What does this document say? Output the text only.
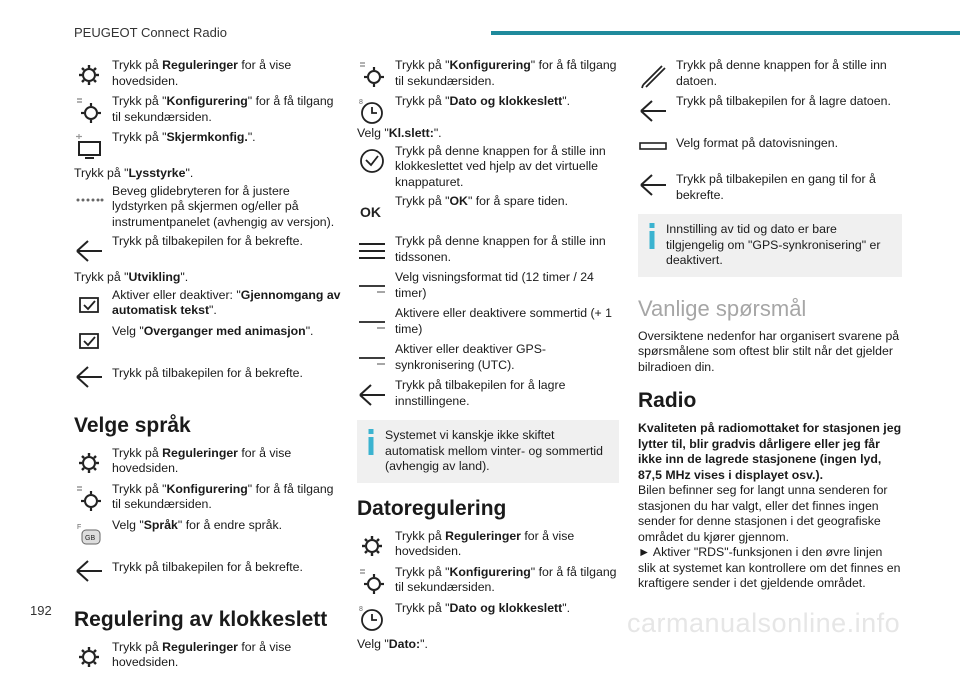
PEUGEOT Connect Radio
Trykk på Reguleringer for å vise hovedsiden.
Trykk på "Konfigurering" for å få tilgang til sekundærsiden.
Trykk på "Skjermkonfig.".
Trykk på "Lysstyrke".
Beveg glidebryteren for å justere lydstyrken på skjermen og/eller på instrumentpanelet (avhengig av versjon).
Trykk på tilbakepilen for å bekrefte.
Trykk på "Utvikling".
Aktiver eller deaktiver: "Gjennomgang av automatisk tekst".
Velg "Overganger med animasjon".
Trykk på tilbakepilen for å bekrefte.
Velge språk
Trykk på Reguleringer for å vise hovedsiden.
Trykk på "Konfigurering" for å få tilgang til sekundærsiden.
GB
F Velg "Språk" for å endre språk.
Trykk på tilbakepilen for å bekrefte.
Regulering av klokkeslett
Trykk på Reguleringer for å vise hovedsiden.
Trykk på "Konfigurering" for å få tilgang til sekundærsiden.
8	Trykk på "Dato og klokkeslett".
Velg "Kl.slett:".
Trykk på denne knappen for å stille inn klokkeslettet ved hjelp av det virtuelle knappaturet.
OK
Trykk på "OK" for å spare tiden.
Trykk på denne knappen for å stille inn tidssonen.
Velg visningsformat tid (12 timer / 24 timer)
Aktivere eller deaktivere sommertid (+ 1 time)
Aktiver eller deaktiver GPS-synkronisering (UTC).
Trykk på tilbakepilen for å lagre innstillingene.
Systemet vi kanskje ikke skiftet automatisk mellom vinter- og sommertid (avhengig av land).
Datoregulering
Trykk på Reguleringer for å vise hovedsiden.
Trykk på "Konfigurering" for å få tilgang til sekundærsiden.
8	Trykk på "Dato og klokkeslett".
Velg "Dato:".
Trykk på denne knappen for å stille inn datoen.
Trykk på tilbakepilen for å lagre datoen.
Velg format på datovisningen.
Trykk på tilbakepilen en gang til for å bekrefte.
Innstilling av tid og dato er bare tilgjengelig om "GPS-synkronisering" er deaktivert.
Vanlige spørsmål
Oversiktene nedenfor har organisert svarene på spørsmålene som oftest blir stilt når det gjelder bilradioen din.
Radio
Kvaliteten på radiomottaket for stasjonen jeg lytter til, blir gradvis dårligere eller jeg får ikke inn de lagrede stasjonene (ingen lyd, 87,5 MHz vises i displayet osv.).
Bilen befinner seg for langt unna senderen for stasjonen du har valgt, eller det finnes ingen sender for denne stasjonen i det geografiske området du kjører gjennom.
► Aktiver "RDS"-funksjonen i den øvre linjen slik at systemet kan kontrollere om det finnes en kraftigere sender i det gjeldende området.
192	carmanualsonline.info
